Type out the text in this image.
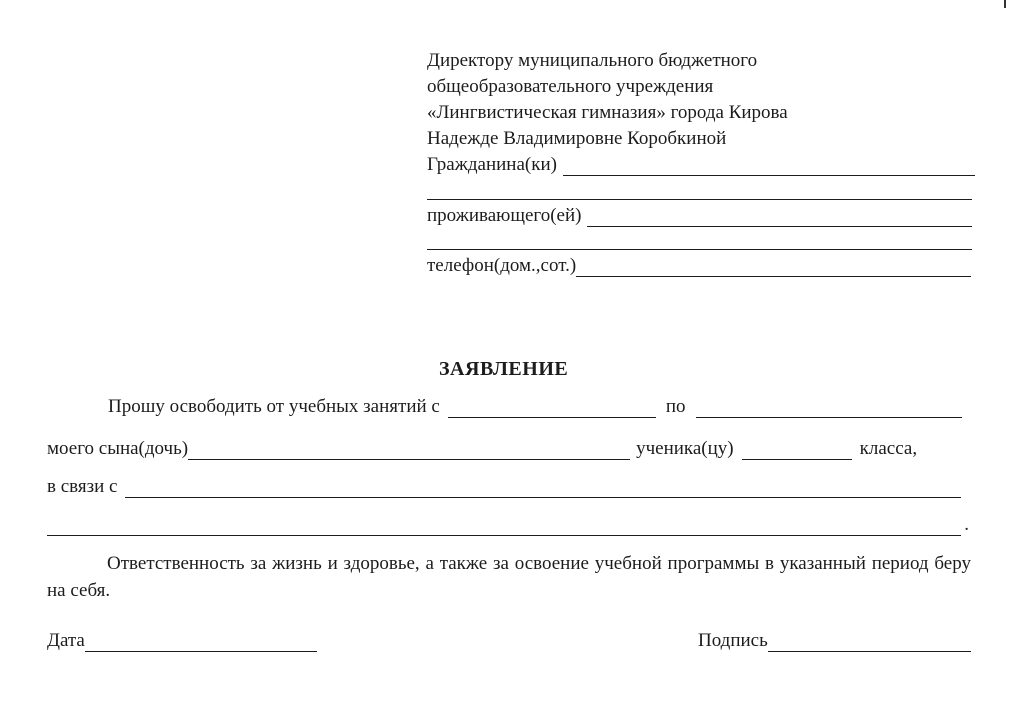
Директору муниципального бюджетного
общеобразовательного учреждения
«Лингвистическая гимназия» города Кирова
Надежде Владимировне Коробкиной
Гражданина(ки)
проживающего(ей)
телефон(дом.,сот.)
ЗАЯВЛЕНИЕ
Прошу освободить от учебных занятий с	по
моего сына(дочь)	ученика(цу)	класса,
в связи с
.
Ответственность за жизнь и здоровье, а также за освоение учебной программы в указанный период беру на себя.
Дата	Подпись
